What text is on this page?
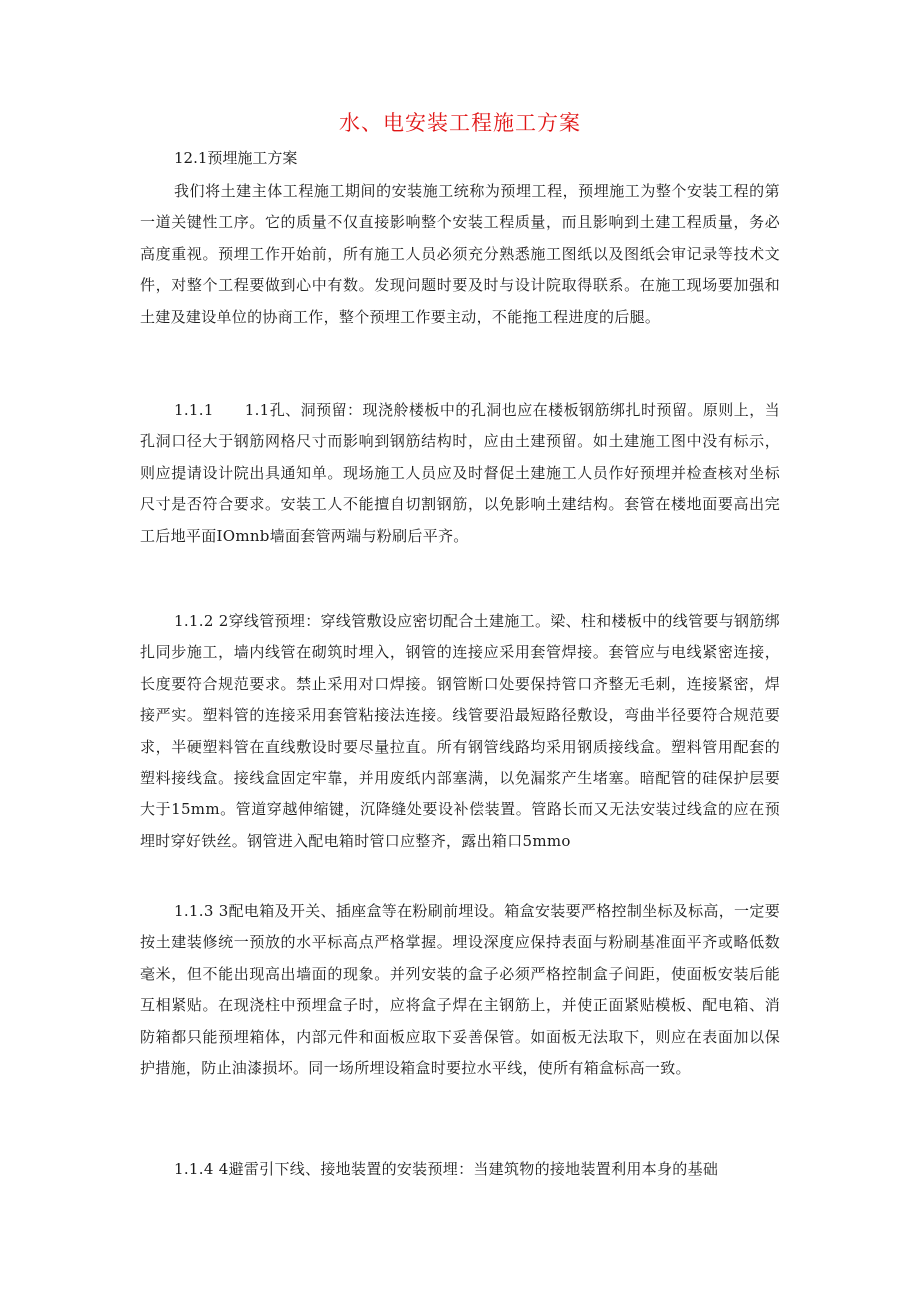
水、电安装工程施工方案
12.1预埋施工方案
我们将土建主体工程施工期间的安装施工统称为预埋工程，预埋施工为整个安装工程的第一道关键性工序。它的质量不仅直接影响整个安装工程质量，而且影响到土建工程质量，务必高度重视。预埋工作开始前，所有施工人员必须充分熟悉施工图纸以及图纸会审记录等技术文件，对整个工程要做到心中有数。发现问题时要及时与设计院取得联系。在施工现场要加强和土建及建设单位的协商工作，整个预埋工作要主动，不能拖工程进度的后腿。
1.1.1　　1.1孔、洞预留：现浇舲楼板中的孔洞也应在楼板钢筋绑扎时预留。原则上，当孔洞口径大于钢筋网格尺寸而影响到钢筋结构时，应由土建预留。如土建施工图中没有标示，则应提请设计院出具通知单。现场施工人员应及时督促土建施工人员作好预埋并检查核对坐标尺寸是否符合要求。安装工人不能擅自切割钢筋，以免影响土建结构。套管在楼地面要高出完工后地平面IOmnb墙面套管两端与粉刷后平齐。
1.1.2 2穿线管预埋：穿线管敷设应密切配合土建施工。梁、柱和楼板中的线管要与钢筋绑扎同步施工，墙内线管在砌筑时埋入，钢管的连接应采用套管焊接。套管应与电线紧密连接，长度要符合规范要求。禁止采用对口焊接。钢管断口处要保持管口齐整无毛刺，连接紧密，焊接严实。塑料管的连接采用套管粘接法连接。线管要沿最短路径敷设，弯曲半径要符合规范要求，半硬塑料管在直线敷设时要尽量拉直。所有钢管线路均采用钢质接线盒。塑料管用配套的塑料接线盒。接线盒固定牢靠，并用废纸内部塞满，以免漏浆产生堵塞。暗配管的硅保护层要大于15mm。管道穿越伸缩键，沉降缝处要设补偿装置。管路长而又无法安装过线盒的应在预埋时穿好铁丝。钢管进入配电箱时管口应整齐，露出箱口5mmo
1.1.3 3配电箱及开关、插座盒等在粉刷前埋设。箱盒安装要严格控制坐标及标高，一定要按土建装修统一预放的水平标高点严格掌握。埋设深度应保持表面与粉刷基准面平齐或略低数毫米，但不能出现高出墙面的现象。并列安装的盒子必须严格控制盒子间距，使面板安装后能互相紧贴。在现浇柱中预埋盒子时，应将盒子焊在主钢筋上，并使正面紧贴模板、配电箱、消防箱都只能预埋箱体，内部元件和面板应取下妥善保管。如面板无法取下，则应在表面加以保护措施，防止油漆损坏。同一场所埋设箱盒时要拉水平线，使所有箱盒标高一致。
1.1.4 4避雷引下线、接地装置的安装预埋：当建筑物的接地装置利用本身的基础
